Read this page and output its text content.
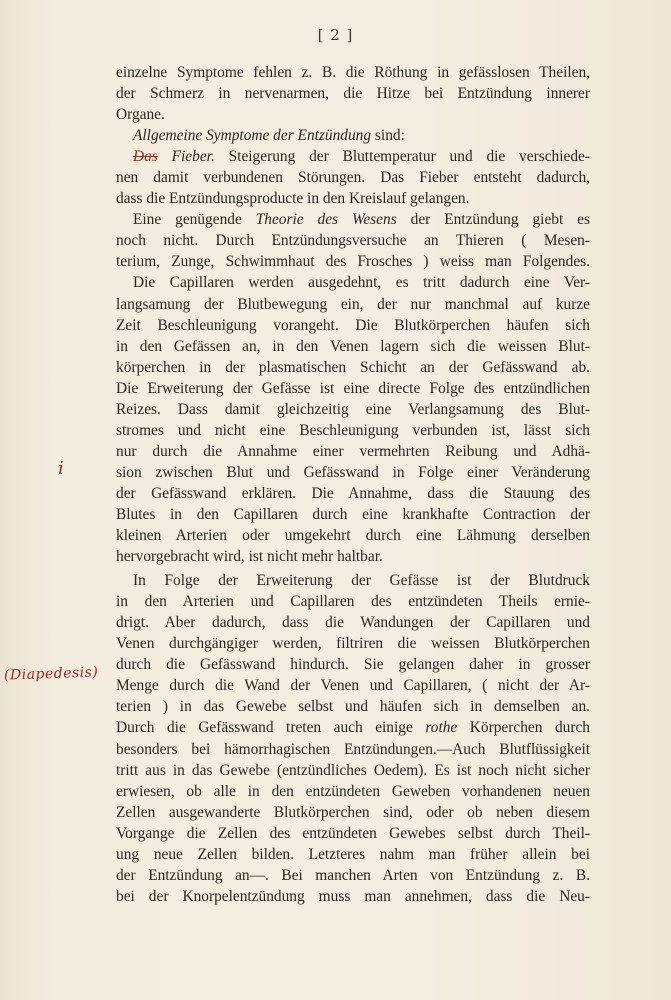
[ 2 ]
i
(Diapedesis)
einzelne Symptome fehlen z. B. die Röthung in gefässlosen Theilen,
der Schmerz in nervenarmen, die Hitze bei Entzündung innerer
Organe.
Allgemeine Symptome der Entzündung sind:
Das Fieber. Steigerung der Bluttemperatur und die verschiede-
nen damit verbundenen Störungen. Das Fieber entsteht dadurch,
dass die Entzündungsproducte in den Kreislauf gelangen.
Eine genügende Theorie des Wesens der Entzündung giebt es
noch nicht. Durch Entzündungsversuche an Thieren ( Mesen-
terium, Zunge, Schwimmhaut des Frosches ) weiss man Folgendes.
Die Capillaren werden ausgedehnt, es tritt dadurch eine Ver-
langsamung der Blutbewegung ein, der nur manchmal auf kurze
Zeit Beschleunigung vorangeht. Die Blutkörperchen häufen sich
in den Gefässen an, in den Venen lagern sich die weissen Blut-
körperchen in der plasmatischen Schicht an der Gefässwand ab.
Die Erweiterung der Gefässe ist eine directe Folge des entzündlichen
Reizes. Dass damit gleichzeitig eine Verlangsamung des Blut-
stromes und nicht eine Beschleunigung verbunden ist, lässt sich
nur durch die Annahme einer vermehrten Reibung und Adhä-
sion zwischen Blut und Gefässwand in Folge einer Veränderung
der Gefässwand erklären. Die Annahme, dass die Stauung des
Blutes in den Capillaren durch eine krankhafte Contraction der
kleinen Arterien oder umgekehrt durch eine Lähmung derselben
hervorgebracht wird, ist nicht mehr haltbar.
In Folge der Erweiterung der Gefässe ist der Blutdruck
in den Arterien und Capillaren des entzündeten Theils ernie-
drigt. Aber dadurch, dass die Wandungen der Capillaren und
Venen durchgängiger werden, filtriren die weissen Blutkörperchen
durch die Gefässwand hindurch. Sie gelangen daher in grosser
Menge durch die Wand der Venen und Capillaren, ( nicht der Ar-
terien ) in das Gewebe selbst und häufen sich in demselben an.
Durch die Gefässwand treten auch einige rothe Körperchen durch
besonders bei hämorrhagischen Entzündungen.—Auch Blutflüssigkeit
tritt aus in das Gewebe (entzündliches Oedem). Es ist noch nicht sicher
erwiesen, ob alle in den entzündeten Geweben vorhandenen neuen
Zellen ausgewanderte Blutkörperchen sind, oder ob neben diesem
Vorgange die Zellen des entzündeten Gewebes selbst durch Theil-
ung neue Zellen bilden. Letzteres nahm man früher allein bei
der Entzündung an—. Bei manchen Arten von Entzündung z. B.
bei der Knorpelentzündung muss man annehmen, dass die Neu-
